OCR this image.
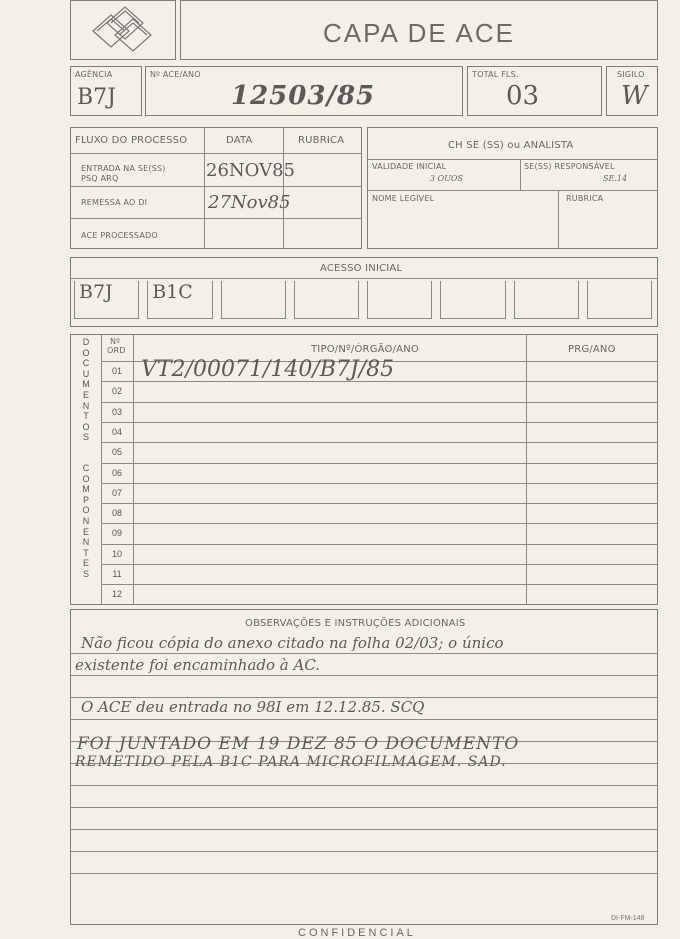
CAPA DE ACE
AGÊNCIA
B7J
Nº ACE/ANO
12503/85
TOTAL FLS.
03
SIGILO
W
FLUXO DO PROCESSO	DATA	RUBRICA
ENTRADA NA SE(SS)
PSQ ARQ	26NOV85
REMESSA AO DI	27Nov85
ACE PROCESSADO
CH SE (SS) ou ANALISTA
VALIDADE INICIAL
3 OUOS
SE(SS) RESPONSÁVEL
SE.14
NOME LEGÍVEL	RUBRICA
ACESSO INICIAL
B7J B1C
Nº
ORD	TIPO/Nº/ÓRGÃO/ANO	PRG/ANO
01 VT2/00071/140/B7J/85
02
03
04
05
06
07
08
09
10
11
12
D
O
C
U
M
E
N
T
O
S
C
O
M
P
O
N
E
N
T
E
S
OBSERVAÇÕES E INSTRUÇÕES ADICIONAIS
Não ficou cópia do anexo citado na folha 02/03; o único
existente foi encaminhado à AC.
O ACE deu entrada no 98I em 12.12.85. SCQ
FOI JUNTADO EM 19 DEZ 85 O DOCUMENTO
REMETIDO PELA B1C PARA MICROFILMAGEM. SAD.
CONFIDENCIAL
DI-FM-148
